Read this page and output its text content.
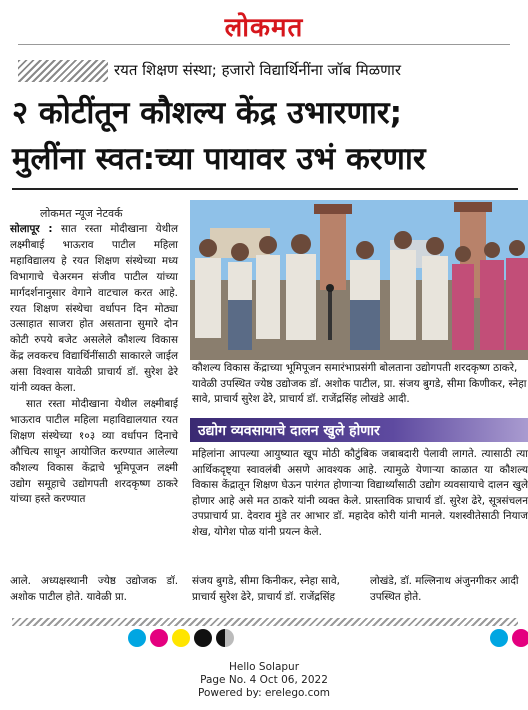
लोकमत
रयत शिक्षण संस्था; हजारो विद्यार्थिनींना जॉब मिळणार
२ कोटींतून कौशल्य केंद्र उभारणार;
मुलींना स्वत:च्या पायावर उभं करणार
लोकमत न्यूज नेटवर्क

सोलापूर : सात रस्ता मोदीखाना येथील लक्ष्मीबाई भाऊराव पाटील महिला महाविद्यालय हे रयत शिक्षण संस्थेच्या मध्य विभागाचे चेअरमन संजीव पाटील यांच्या मार्गदर्शनानुसार वेगाने वाटचाल करत आहे. रयत शिक्षण संस्थेचा वर्धापन दिन मोठ्या उत्साहात साजरा होत असताना सुमारे दोन कोटी रुपये बजेट असलेले कौशल्य विकास केंद्र लवकरच विद्यार्थिनींसाठी साकारले जाईल असा विश्वास यावेळी प्राचार्य डॉ. सुरेश ढेरे यांनी व्यक्त केला.

सात रस्ता मोदीखाना येथील लक्ष्मीबाई भाऊराव पाटील महिला महाविद्यालयात रयत शिक्षण संस्थेच्या १०३ व्या वर्धापन दिनाचे औचित्य साधून आयोजित करण्यात आलेल्या कौशल्य विकास केंद्राचे भूमिपूजन लक्ष्मी उद्योग समूहाचे उद्योगपती शरदकृष्ण ठाकरे यांच्या हस्ते करण्यात

कौशल्य विकास केंद्राच्या भूमिपूजन समारंभाप्रसंगी बोलताना उद्योगपती शरदकृष्ण ठाकरे, यावेळी उपस्थित ज्येष्ठ उद्योजक डॉ. अशोक पाटील, प्रा. संजय बुगडे, सीमा किणीकर, स्नेहा सावे, प्राचार्य सुरेश ढेरे, प्राचार्य डॉ. राजेंद्रसिंह लोखंडे आदी.
उद्योग व्यवसायाचे दालन खुले होणार
महिलांना आपल्या आयुष्यात खूप मोठी कौटुंबिक जबाबदारी पेलावी लागते. त्यासाठी त्या आर्थिकदृष्ट्या स्वावलंबी असणे आवश्यक आहे. त्यामुळे येणाऱ्या काळात या कौशल्य विकास केंद्रातून शिक्षण घेऊन पारंगत होणाऱ्या विद्यार्थ्यांसाठी उद्योग व्यवसायाचे दालन खुले होणार आहे असे मत ठाकरे यांनी व्यक्त केले. प्रास्ताविक प्राचार्य डॉ. सुरेश ढेरे, सूत्रसंचलन उपप्राचार्य प्रा. देवराव मुंडे तर आभार डॉ. महादेव कोरी यांनी मानले. यशस्वीतेसाठी नियाज शेख, योगेश पोळ यांनी प्रयत्न केले.
आले. अध्यक्षस्थानी ज्येष्ठ उद्योजक डॉ. अशोक पाटील होते. यावेळी प्रा.
संजय बुगडे, सीमा किनीकर, स्नेहा सावे, प्राचार्य सुरेश ढेरे, प्राचार्य डॉ. राजेंद्रसिंह
लोखंडे, डॉ. मल्लिनाथ अंजुनगीकर आदी उपस्थित होते.
Hello Solapur
Page No. 4 Oct 06, 2022
Powered by: erelego.com
